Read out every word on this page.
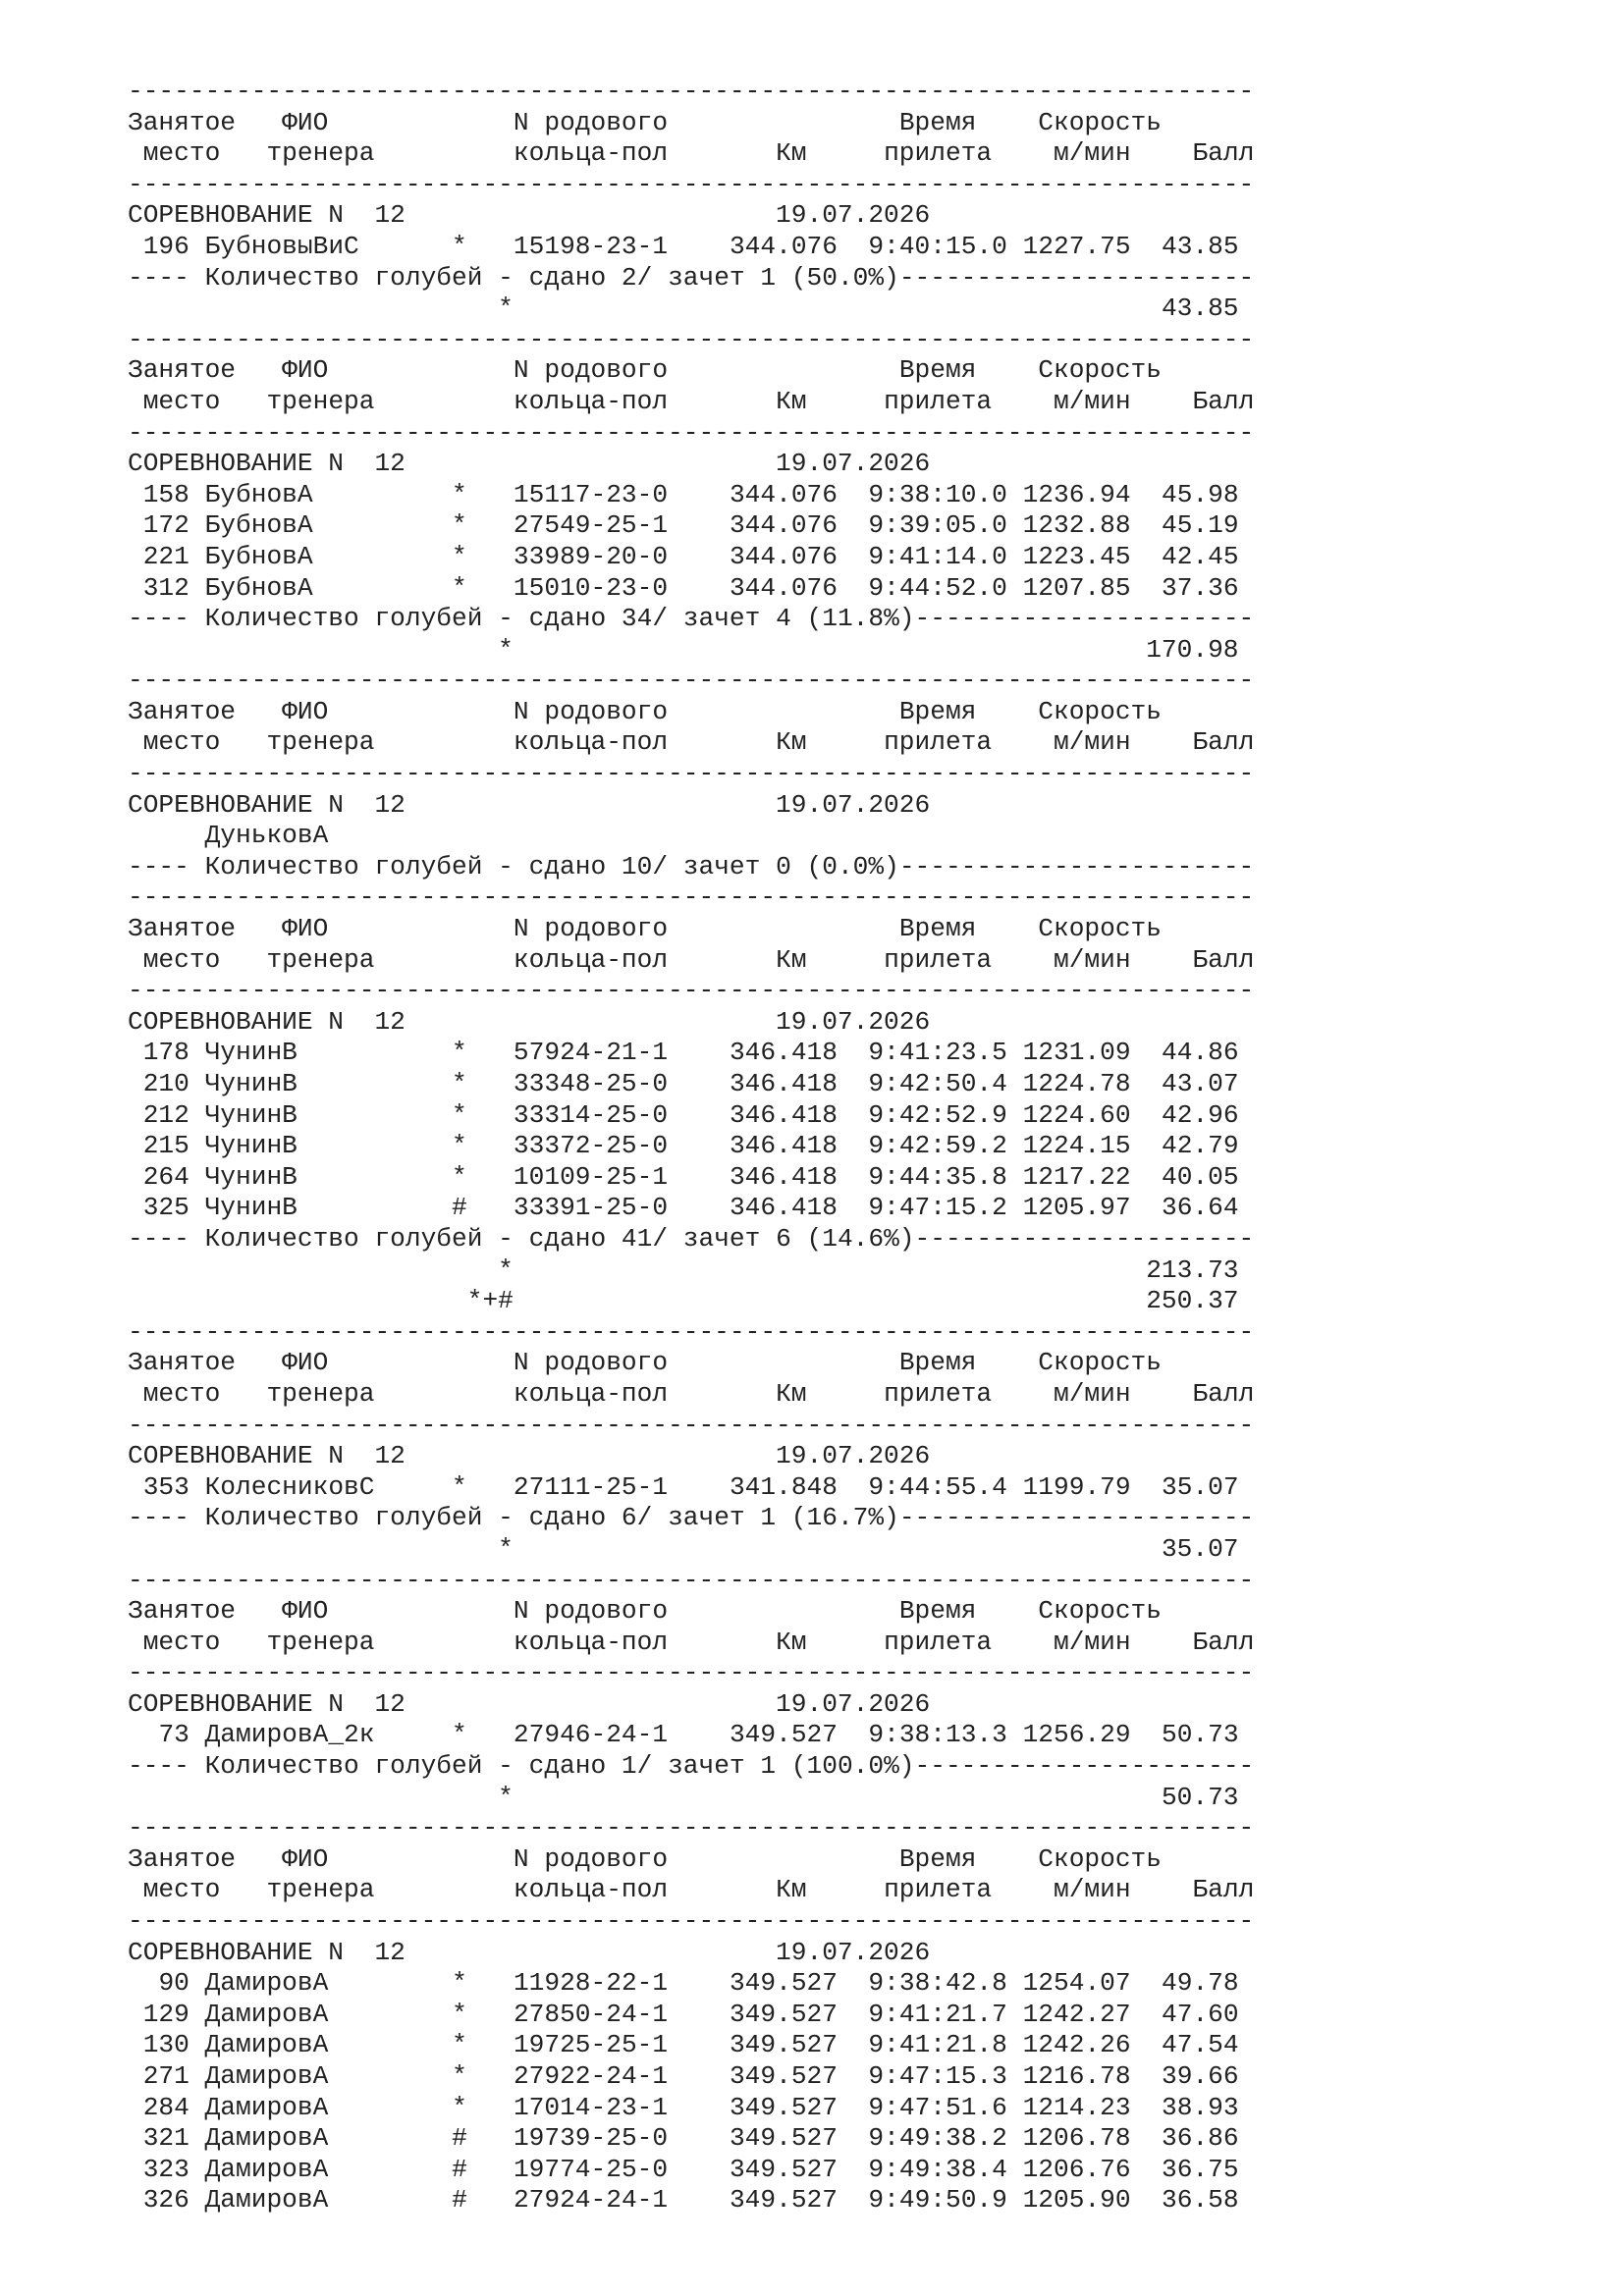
-------------------------------------------------------------------------
Занятое ФИО	N родового	Время Скорость
место тренера	кольца-пол	Км	прилета м/мин Балл
-------------------------------------------------------------------------
СОРЕВНОВАНИЕ N  12	19.07.2026
196 БубновыВиС	* 15198-23-1 344.076 9:40:15.0 1227.75 43.85
---- Количество голубей - сдано 2/ зачет 1 (50.0%)-----------------------
*	43.85
-------------------------------------------------------------------------
Занятое ФИО	N родового	Время Скорость
место тренера	кольца-пол	Км	прилета м/мин Балл
-------------------------------------------------------------------------
СОРЕВНОВАНИЕ N  12	19.07.2026
158 БубновА	* 15117-23-0 344.076 9:38:10.0 1236.94 45.98
172 БубновА	* 27549-25-1 344.076 9:39:05.0 1232.88 45.19
221 БубновА	* 33989-20-0 344.076 9:41:14.0 1223.45 42.45
312 БубновА	* 15010-23-0 344.076 9:44:52.0 1207.85 37.36
---- Количество голубей - сдано 34/ зачет 4 (11.8%)----------------------
*	170.98
-------------------------------------------------------------------------
Занятое ФИО	N родового	Время Скорость
место тренера	кольца-пол	Км	прилета м/мин Балл
-------------------------------------------------------------------------
СОРЕВНОВАНИЕ N  12	19.07.2026
ДуньковА
---- Количество голубей - сдано 10/ зачет 0 (0.0%)-----------------------
-------------------------------------------------------------------------
Занятое ФИО	N родового	Время Скорость
место тренера	кольца-пол	Км	прилета м/мин Балл
-------------------------------------------------------------------------
СОРЕВНОВАНИЕ N  12	19.07.2026
178 ЧунинВ	* 57924-21-1 346.418 9:41:23.5 1231.09 44.86
210 ЧунинВ	* 33348-25-0 346.418 9:42:50.4 1224.78 43.07
212 ЧунинВ	* 33314-25-0 346.418 9:42:52.9 1224.60 42.96
215 ЧунинВ	* 33372-25-0 346.418 9:42:59.2 1224.15 42.79
264 ЧунинВ	* 10109-25-1 346.418 9:44:35.8 1217.22 40.05
325 ЧунинВ	# 33391-25-0 346.418 9:47:15.2 1205.97 36.64
---- Количество голубей - сдано 41/ зачет 6 (14.6%)----------------------
*	213.73
*+#	250.37
-------------------------------------------------------------------------
Занятое ФИО	N родового	Время Скорость
место тренера	кольца-пол	Км	прилета м/мин Балл
-------------------------------------------------------------------------
СОРЕВНОВАНИЕ N  12	19.07.2026
353 КолесниковС	* 27111-25-1 341.848 9:44:55.4 1199.79 35.07
---- Количество голубей - сдано 6/ зачет 1 (16.7%)-----------------------
*	35.07
-------------------------------------------------------------------------
Занятое ФИО	N родового	Время Скорость
место тренера	кольца-пол	Км	прилета м/мин Балл
-------------------------------------------------------------------------
СОРЕВНОВАНИЕ N  12	19.07.2026
73 ДамировА_2к	* 27946-24-1 349.527 9:38:13.3 1256.29 50.73
---- Количество голубей - сдано 1/ зачет 1 (100.0%)----------------------
*	50.73
-------------------------------------------------------------------------
Занятое ФИО	N родового	Время Скорость
место тренера	кольца-пол	Км	прилета м/мин Балл
-------------------------------------------------------------------------
СОРЕВНОВАНИЕ N  12	19.07.2026
90 ДамировА	* 11928-22-1 349.527 9:38:42.8 1254.07 49.78
129 ДамировА	* 27850-24-1 349.527 9:41:21.7 1242.27 47.60
130 ДамировА	* 19725-25-1 349.527 9:41:21.8 1242.26 47.54
271 ДамировА	* 27922-24-1 349.527 9:47:15.3 1216.78 39.66
284 ДамировА	* 17014-23-1 349.527 9:47:51.6 1214.23 38.93
321 ДамировА	# 19739-25-0 349.527 9:49:38.2 1206.78 36.86
323 ДамировА	# 19774-25-0 349.527 9:49:38.4 1206.76 36.75
326 ДамировА	# 27924-24-1 349.527 9:49:50.9 1205.90 36.58
